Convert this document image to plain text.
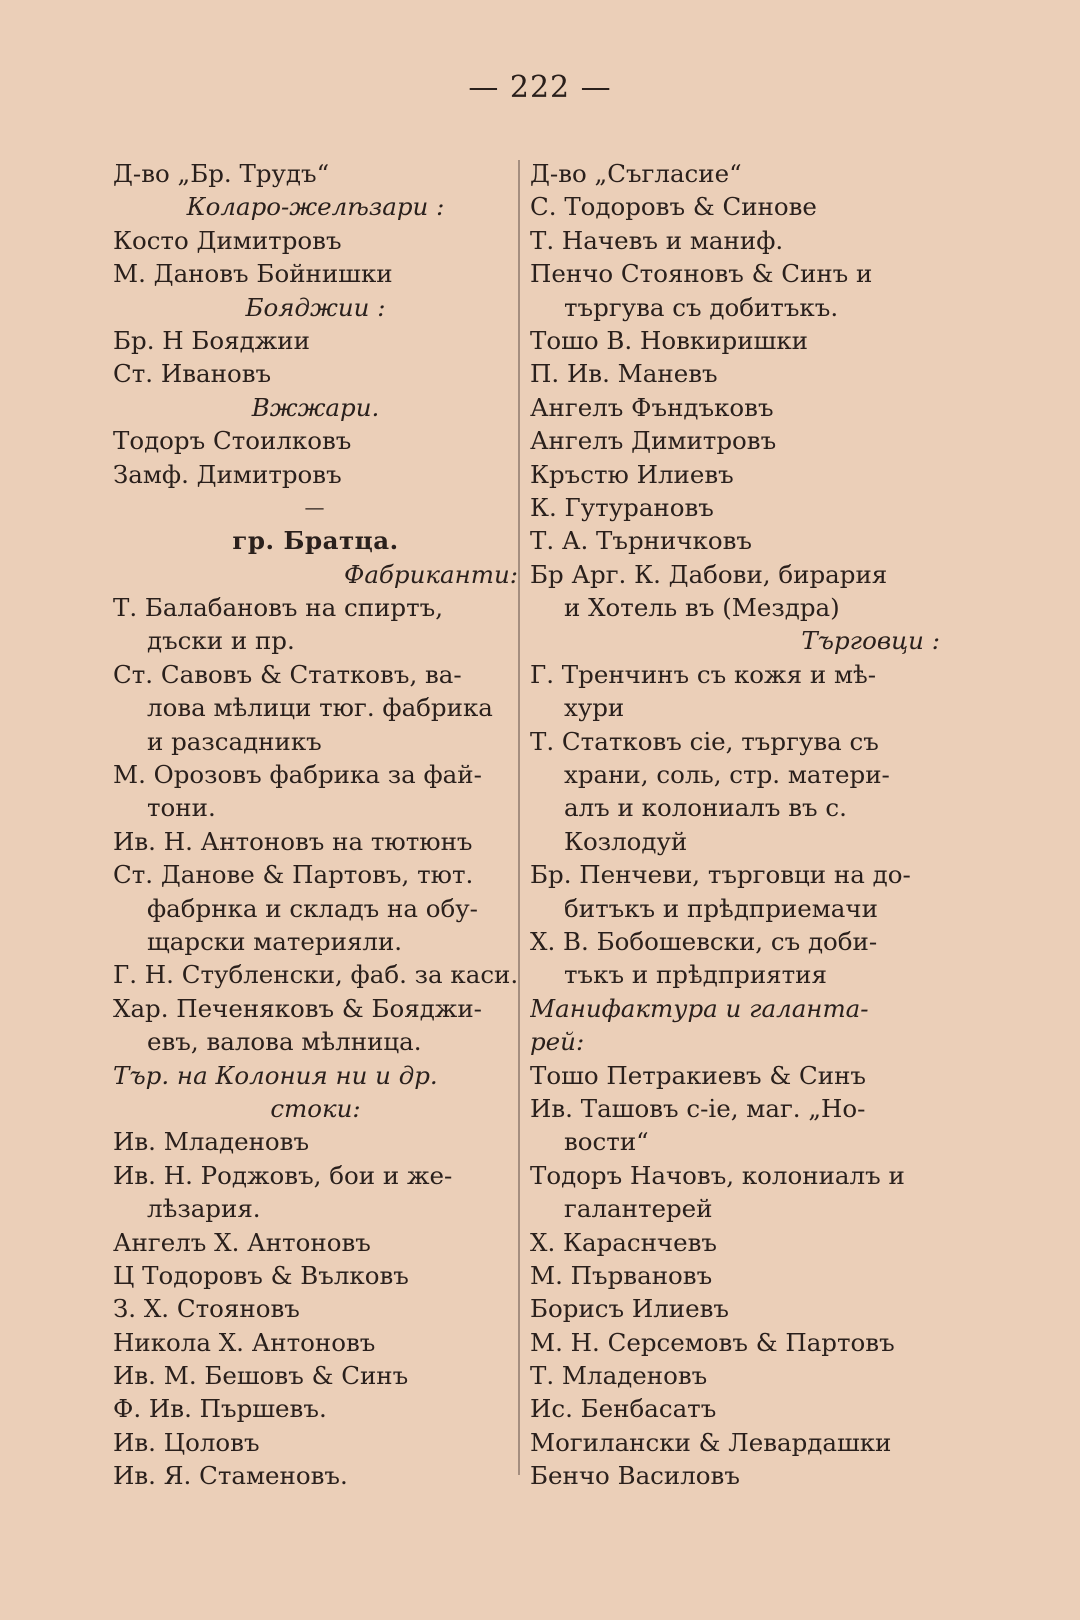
— 222 —
Д-во „Бр. Трудъ“
Коларо-желѣзари :
Косто Димитровъ
М. Дановъ Бойнишки
Бояджии :
Бр. Н Бояджии
Ст. Ивановъ
Вжжари.
Тодоръ Стоилковъ
Замф. Димитровъ
—
гр. Братца.
Фабриканти:
Т. Балабановъ на спиртъ,
дъски и пр.
Ст. Савовъ & Статковъ, ва-
лова мѣлици тюг. фабрика
и разсадникъ
М. Орозовъ фабрика за фай-
тони.
Ив. Н. Антоновъ на тютюнъ
Ст. Данове & Партовъ, тют.
фабрнка и складъ на обу-
щарски материяли.
Г. Н. Стубленски, фаб. за каси.
Хар. Печеняковъ & Бояджи-
евъ, валова мѣлница.
Тър. на Колония ни и др.
стоки:
Ив. Младеновъ
Ив. Н. Роджовъ, бои и же-
лѣзария.
Ангелъ Х. Антоновъ
Ц Тодоровъ & Вълковъ
З. Х. Стояновъ
Никола Х. Антоновъ
Ив. М. Бешовъ & Синъ
Ф. Ив. Пършевъ.
Ив. Цоловъ
Ив. Я. Стаменовъ.
Д-во „Съгласие“
С. Тодоровъ & Синове
Т. Начевъ и маниф.
Пенчо Стояновъ & Синъ и
търгува съ добитъкъ.
Тошо В. Новкиришки
П. Ив. Маневъ
Ангелъ Фъндъковъ
Ангелъ Димитровъ
Кръстю Илиевъ
К. Гутурановъ
Т. А. Търничковъ
Бр Арг. К. Дабови, бирария
и Хотель въ (Мездра)
Търговци :
Г. Тренчинъ съ кожя и мѣ-
хури
Т. Статковъ сіе, търгува съ
храни, соль, стр. матери-
алъ и колониалъ въ с.
Козлодуй
Бр. Пенчеви, търговци на до-
битъкъ и прѣдприемачи
Х. В. Бобошевски, съ доби-
тъкъ и прѣдприятия
Манифактура и галанта-
рей:
Тошо Петракиевъ & Синъ
Ив. Ташовъ с-іе, маг. „Но-
вости“
Тодоръ Начовъ, колониалъ и
галантерей
Х. Караснчевъ
М. Първановъ
Борисъ Илиевъ
М. Н. Серсемовъ & Партовъ
Т. Младеновъ
Ис. Бенбасатъ
Могилански & Левардашки
Бенчо Василовъ
